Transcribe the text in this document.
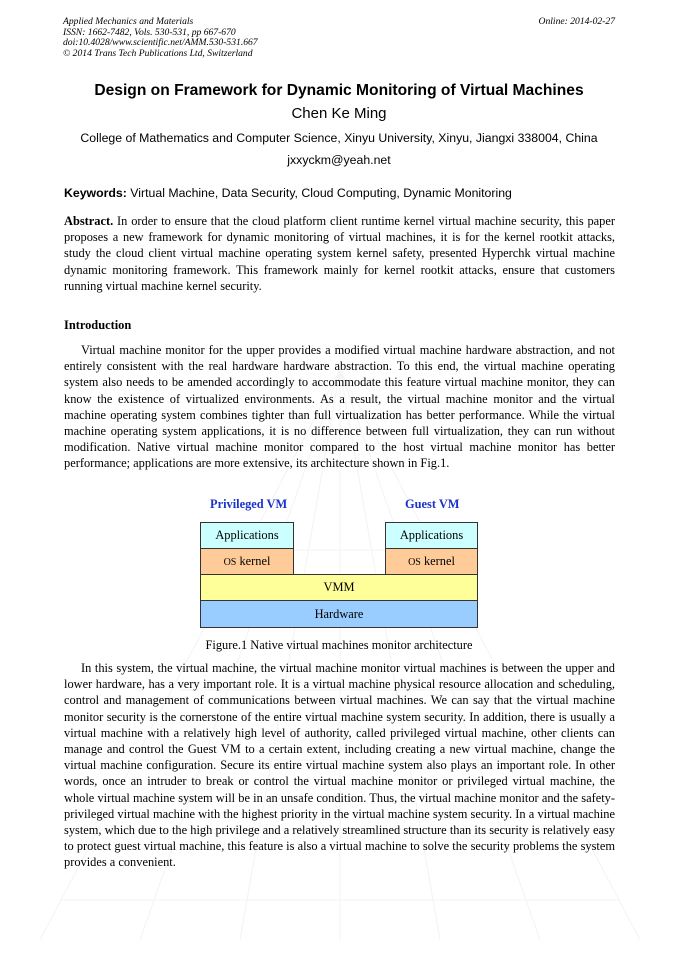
Applied Mechanics and Materials
ISSN: 1662-7482, Vols. 530-531, pp 667-670
doi:10.4028/www.scientific.net/AMM.530-531.667
© 2014 Trans Tech Publications Ltd, Switzerland
Online: 2014-02-27
Design on Framework for Dynamic Monitoring of Virtual Machines
Chen Ke Ming
College of Mathematics and Computer Science, Xinyu University, Xinyu, Jiangxi 338004, China
jxxyckm@yeah.net
Keywords: Virtual Machine, Data Security, Cloud Computing, Dynamic Monitoring
Abstract. In order to ensure that the cloud platform client runtime kernel virtual machine security, this paper proposes a new framework for dynamic monitoring of virtual machines, it is for the kernel rootkit attacks, study the cloud client virtual machine operating system kernel safety, presented Hyperchk virtual machine dynamic monitoring framework. This framework mainly for kernel rootkit attacks, ensure that customers running virtual machine kernel security.
Introduction
Virtual machine monitor for the upper provides a modified virtual machine hardware abstraction, and not entirely consistent with the real hardware hardware abstraction. To this end, the virtual machine operating system also needs to be amended accordingly to accommodate this feature virtual machine monitor, they can know the existence of virtualized environments. As a result, the virtual machine monitor and the virtual machine operating system combines tighter than full virtualization has better performance. While the virtual machine operating system applications, it is no difference between full virtualization, they can run without modification. Native virtual machine monitor compared to the host virtual machine monitor has better performance; applications are more extensive, its architecture shown in Fig.1.
Privileged VM	Guest VM
Applications	Applications
OS kernel	OS kernel
VMM
Hardware
Figure.1 Native virtual machines monitor architecture
In this system, the virtual machine, the virtual machine monitor virtual machines is between the upper and lower hardware, has a very important role. It is a virtual machine physical resource allocation and scheduling, control and management of communications between virtual machines. We can say that the virtual machine monitor security is the cornerstone of the entire virtual machine system security. In addition, there is usually a virtual machine with a relatively high level of authority, called privileged virtual machine, other clients can manage and control the Guest VM to a certain extent, including creating a new virtual machine, change the virtual machine configuration. Secure its entire virtual machine system also plays an important role. In other words, once an intruder to break or control the virtual machine monitor or privileged virtual machine, the whole virtual machine system will be in an unsafe condition. Thus, the virtual machine monitor and the safety-privileged virtual machine with the highest priority in the virtual machine system security. In a virtual machine system, which due to the high privilege and a relatively streamlined structure than its security is relatively easy to protect guest virtual machine, this feature is also a virtual machine to solve the security problems the system provides a convenient.
